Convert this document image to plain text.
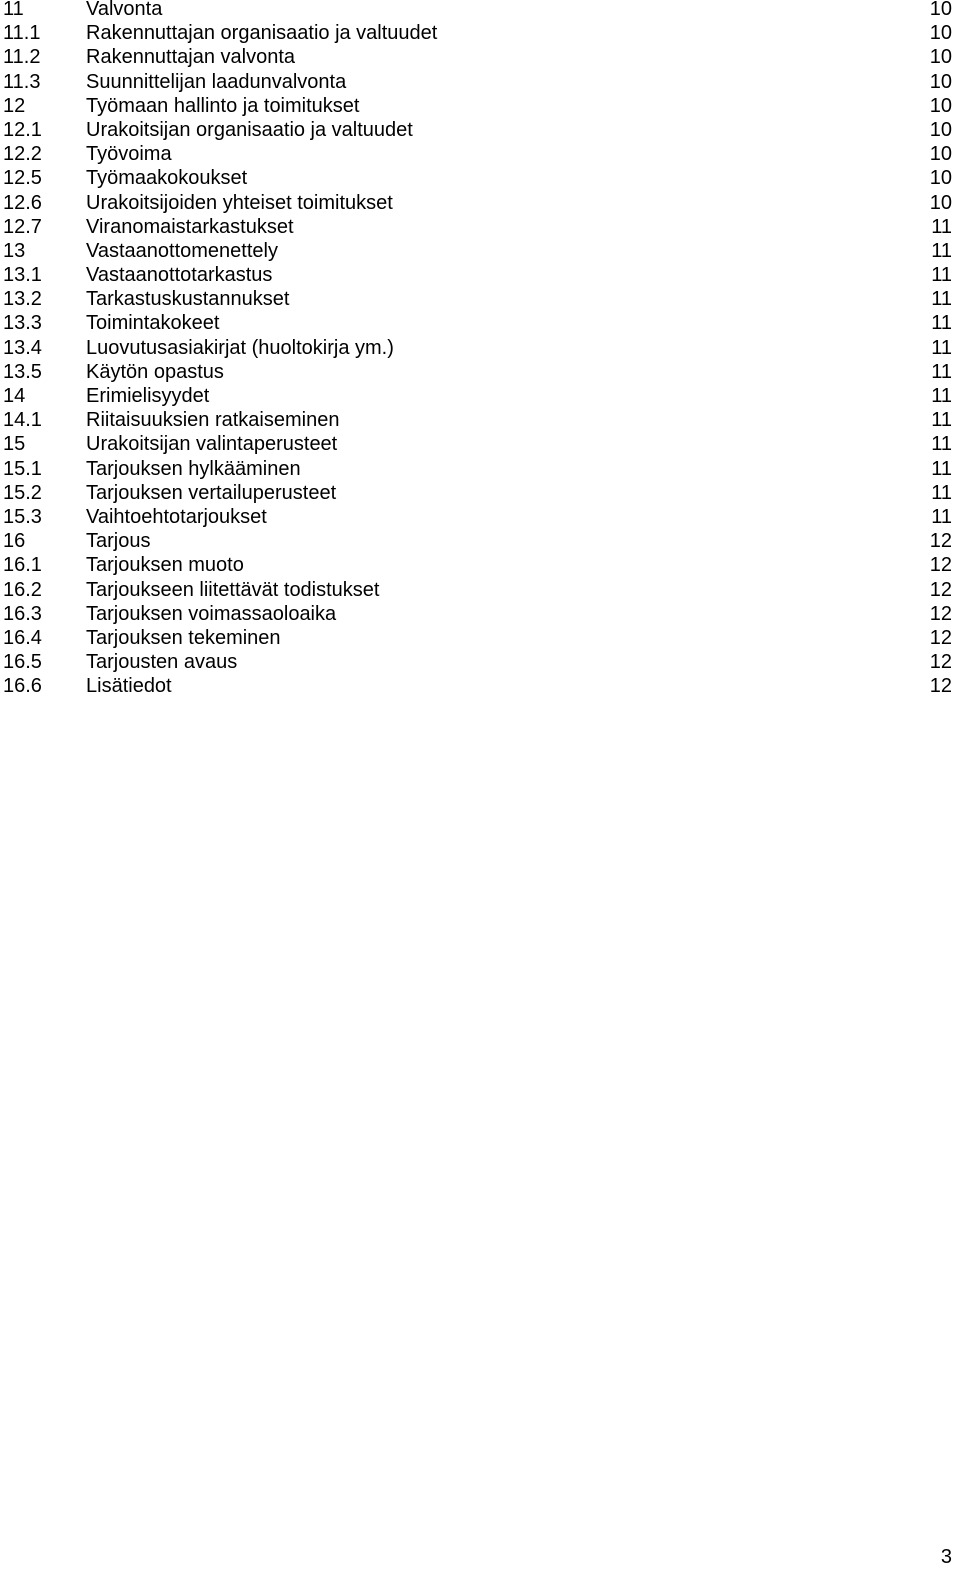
11	Valvonta	10
11.1 Rakennuttajan organisaatio ja valtuudet	10
11.2 Rakennuttajan valvonta	10
11.3 Suunnittelijan laadunvalvonta	10
12	Työmaan hallinto ja toimitukset	10
12.1 Urakoitsijan organisaatio ja valtuudet	10
12.2 Työvoima	10
12.5 Työmaakokoukset	10
12.6 Urakoitsijoiden yhteiset toimitukset	10
12.7 Viranomaistarkastukset	11
13	Vastaanottomenettely	11
13.1 Vastaanottotarkastus	11
13.2 Tarkastuskustannukset	11
13.3 Toimintakokeet	11
13.4 Luovutusasiakirjat (huoltokirja ym.)	11
13.5 Käytön opastus	11
14	Erimielisyydet	11
14.1 Riitaisuuksien ratkaiseminen	11
15	Urakoitsijan valintaperusteet	11
15.1 Tarjouksen hylkääminen	11
15.2 Tarjouksen vertailuperusteet	11
15.3 Vaihtoehtotarjoukset	11
16	Tarjous	12
16.1 Tarjouksen muoto	12
16.2 Tarjoukseen liitettävät todistukset	12
16.3 Tarjouksen voimassaoloaika	12
16.4 Tarjouksen tekeminen	12
16.5 Tarjousten avaus	12
16.6 Lisätiedot	12
3
